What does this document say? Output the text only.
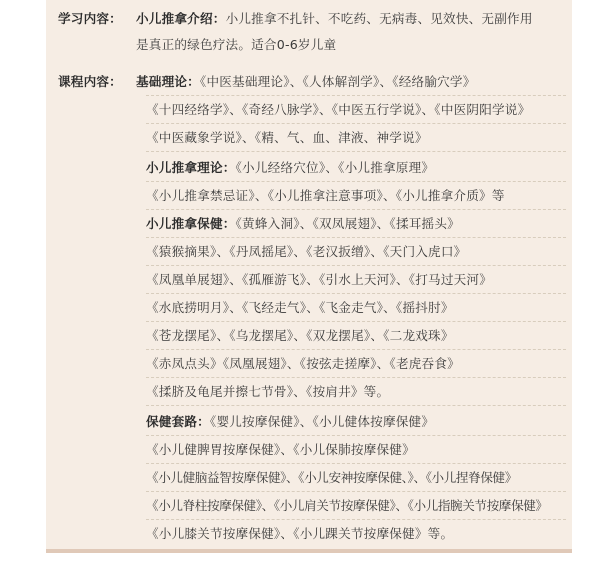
学习内容： 小儿推拿介绍：小儿推拿不扎针、不吃药、无病毒、见效快、无副作用
是真正的绿色疗法。适合0-6岁儿童
课程内容： 基础理论：《中医基础理论》、《人体解剖学》、《经络腧穴学》
《十四经络学》、《奇经八脉学》、《中医五行学说》、《中医阴阳学说》
《中医藏象学说》、《精、气、血、津液、神学说》
小儿推拿理论：《小儿经络穴位》、《小儿推拿原理》
《小儿推拿禁忌证》、《小儿推拿注意事项》、《小儿推拿介质》等
小儿推拿保健：《黄蜂入洞》、《双凤展翅》、《揉耳摇头》
《猿猴摘果》、《丹凤摇尾》、《老汉扳缯》、《天门入虎口》
《凤凰单展翅》、《孤雁游飞》、《引水上天河》、《打马过天河》
《水底捞明月》、《飞经走气》、《飞金走气》、《摇抖肘》
《苍龙摆尾》、《乌龙摆尾》、《双龙摆尾》、《二龙戏珠》
《赤凤点头》《凤凰展翅》、《按弦走搓摩》、《老虎吞食》
《揉脐及龟尾并擦七节骨》、《按肩井》等。
保健套路：《婴儿按摩保健》、《小儿健体按摩保健》
《小儿健脾胃按摩保健》、《小儿保肺按摩保健》
《小儿健脑益智按摩保健》、《小儿安神按摩保健、》、《小儿捏脊保健》
《小儿脊柱按摩保健》、《小儿肩关节按摩保健》、《小儿指腕关节按摩保健》
《小儿膝关节按摩保健》、《小儿踝关节按摩保健》等。
